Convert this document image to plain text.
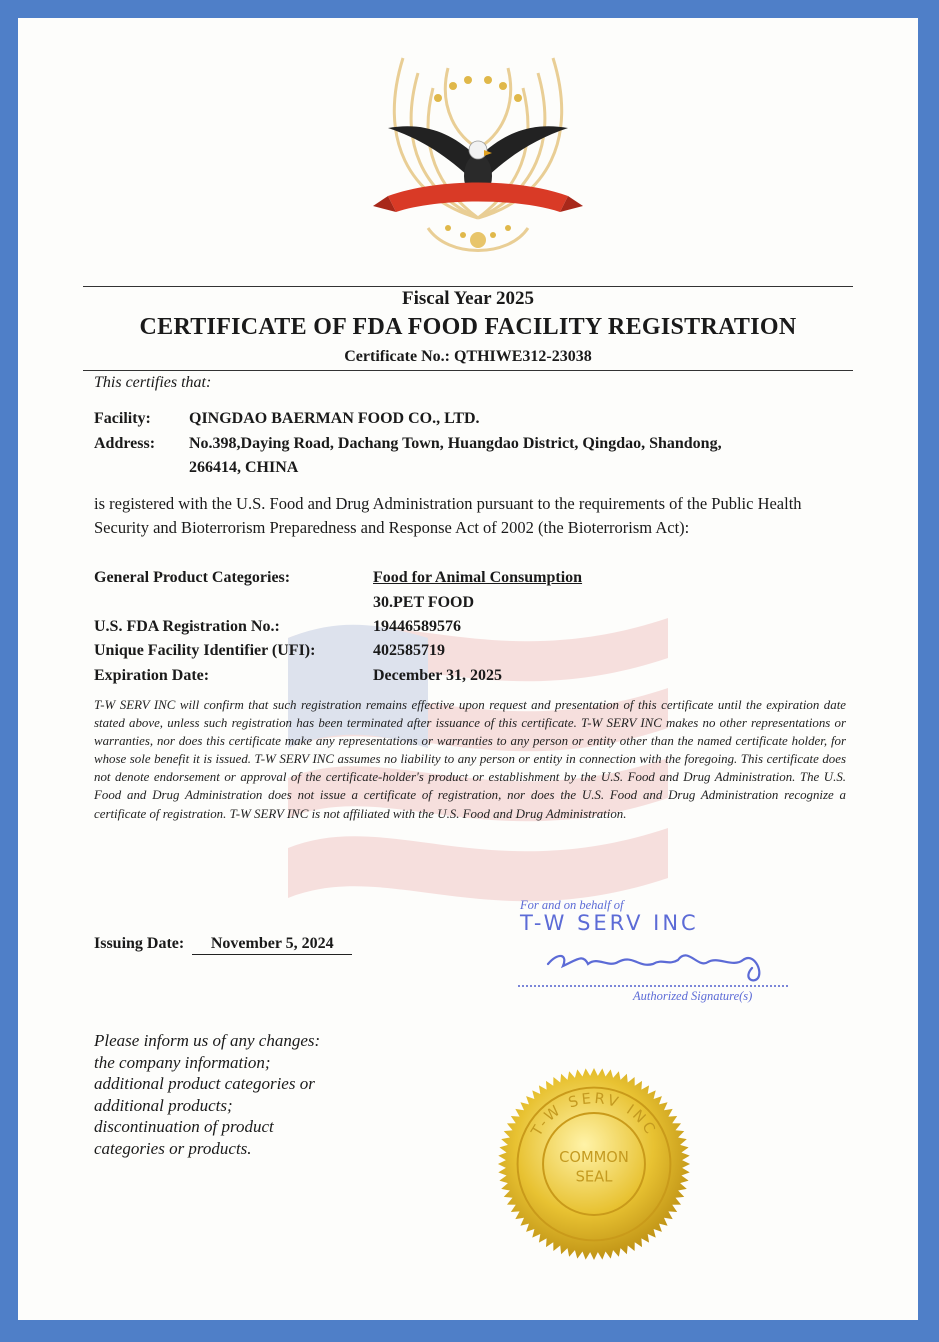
Fiscal Year 2025
CERTIFICATE OF FDA FOOD FACILITY REGISTRATION
Certificate No.: QTHIWE312-23038
This certifies that:
Facility: QINGDAO BAERMAN FOOD CO., LTD.
Address: No.398,Daying Road, Dachang Town, Huangdao District, Qingdao, Shandong,
266414, CHINA
is registered with the U.S. Food and Drug Administration pursuant to the requirements of the Public Health Security and Bioterrorism Preparedness and Response Act of 2002 (the Bioterrorism Act):
General Product Categories:	Food for Animal Consumption
30.PET FOOD
U.S. FDA Registration No.:	19446589576
Unique Facility Identifier (UFI):	402585719
Expiration Date:	December 31, 2025
T-W SERV INC will confirm that such registration remains effective upon request and presentation of this certificate until the expiration date stated above, unless such registration has been terminated after issuance of this certificate. T-W SERV INC makes no other representations or warranties, nor does this certificate make any representations or warranties to any person or entity other than the named certificate holder, for whose sole benefit it is issued. T-W SERV INC assumes no liability to any person or entity in connection with the foregoing. This certificate does not denote endorsement or approval of the certificate-holder's product or establishment by the U.S. Food and Drug Administration. The U.S. Food and Drug Administration does not issue a certificate of registration, nor does the U.S. Food and Drug Administration recognize a certificate of registration. T-W SERV INC is not affiliated with the U.S. Food and Drug Administration.
For and on behalf of
T-W SERV INC
Authorized Signature(s)
Issuing Date: November 5, 2024
Please inform us of any changes:
the company information;
additional product categories or
additional products;
discontinuation of product
categories or products.
T-W SERV INC
COMMON
SEAL
